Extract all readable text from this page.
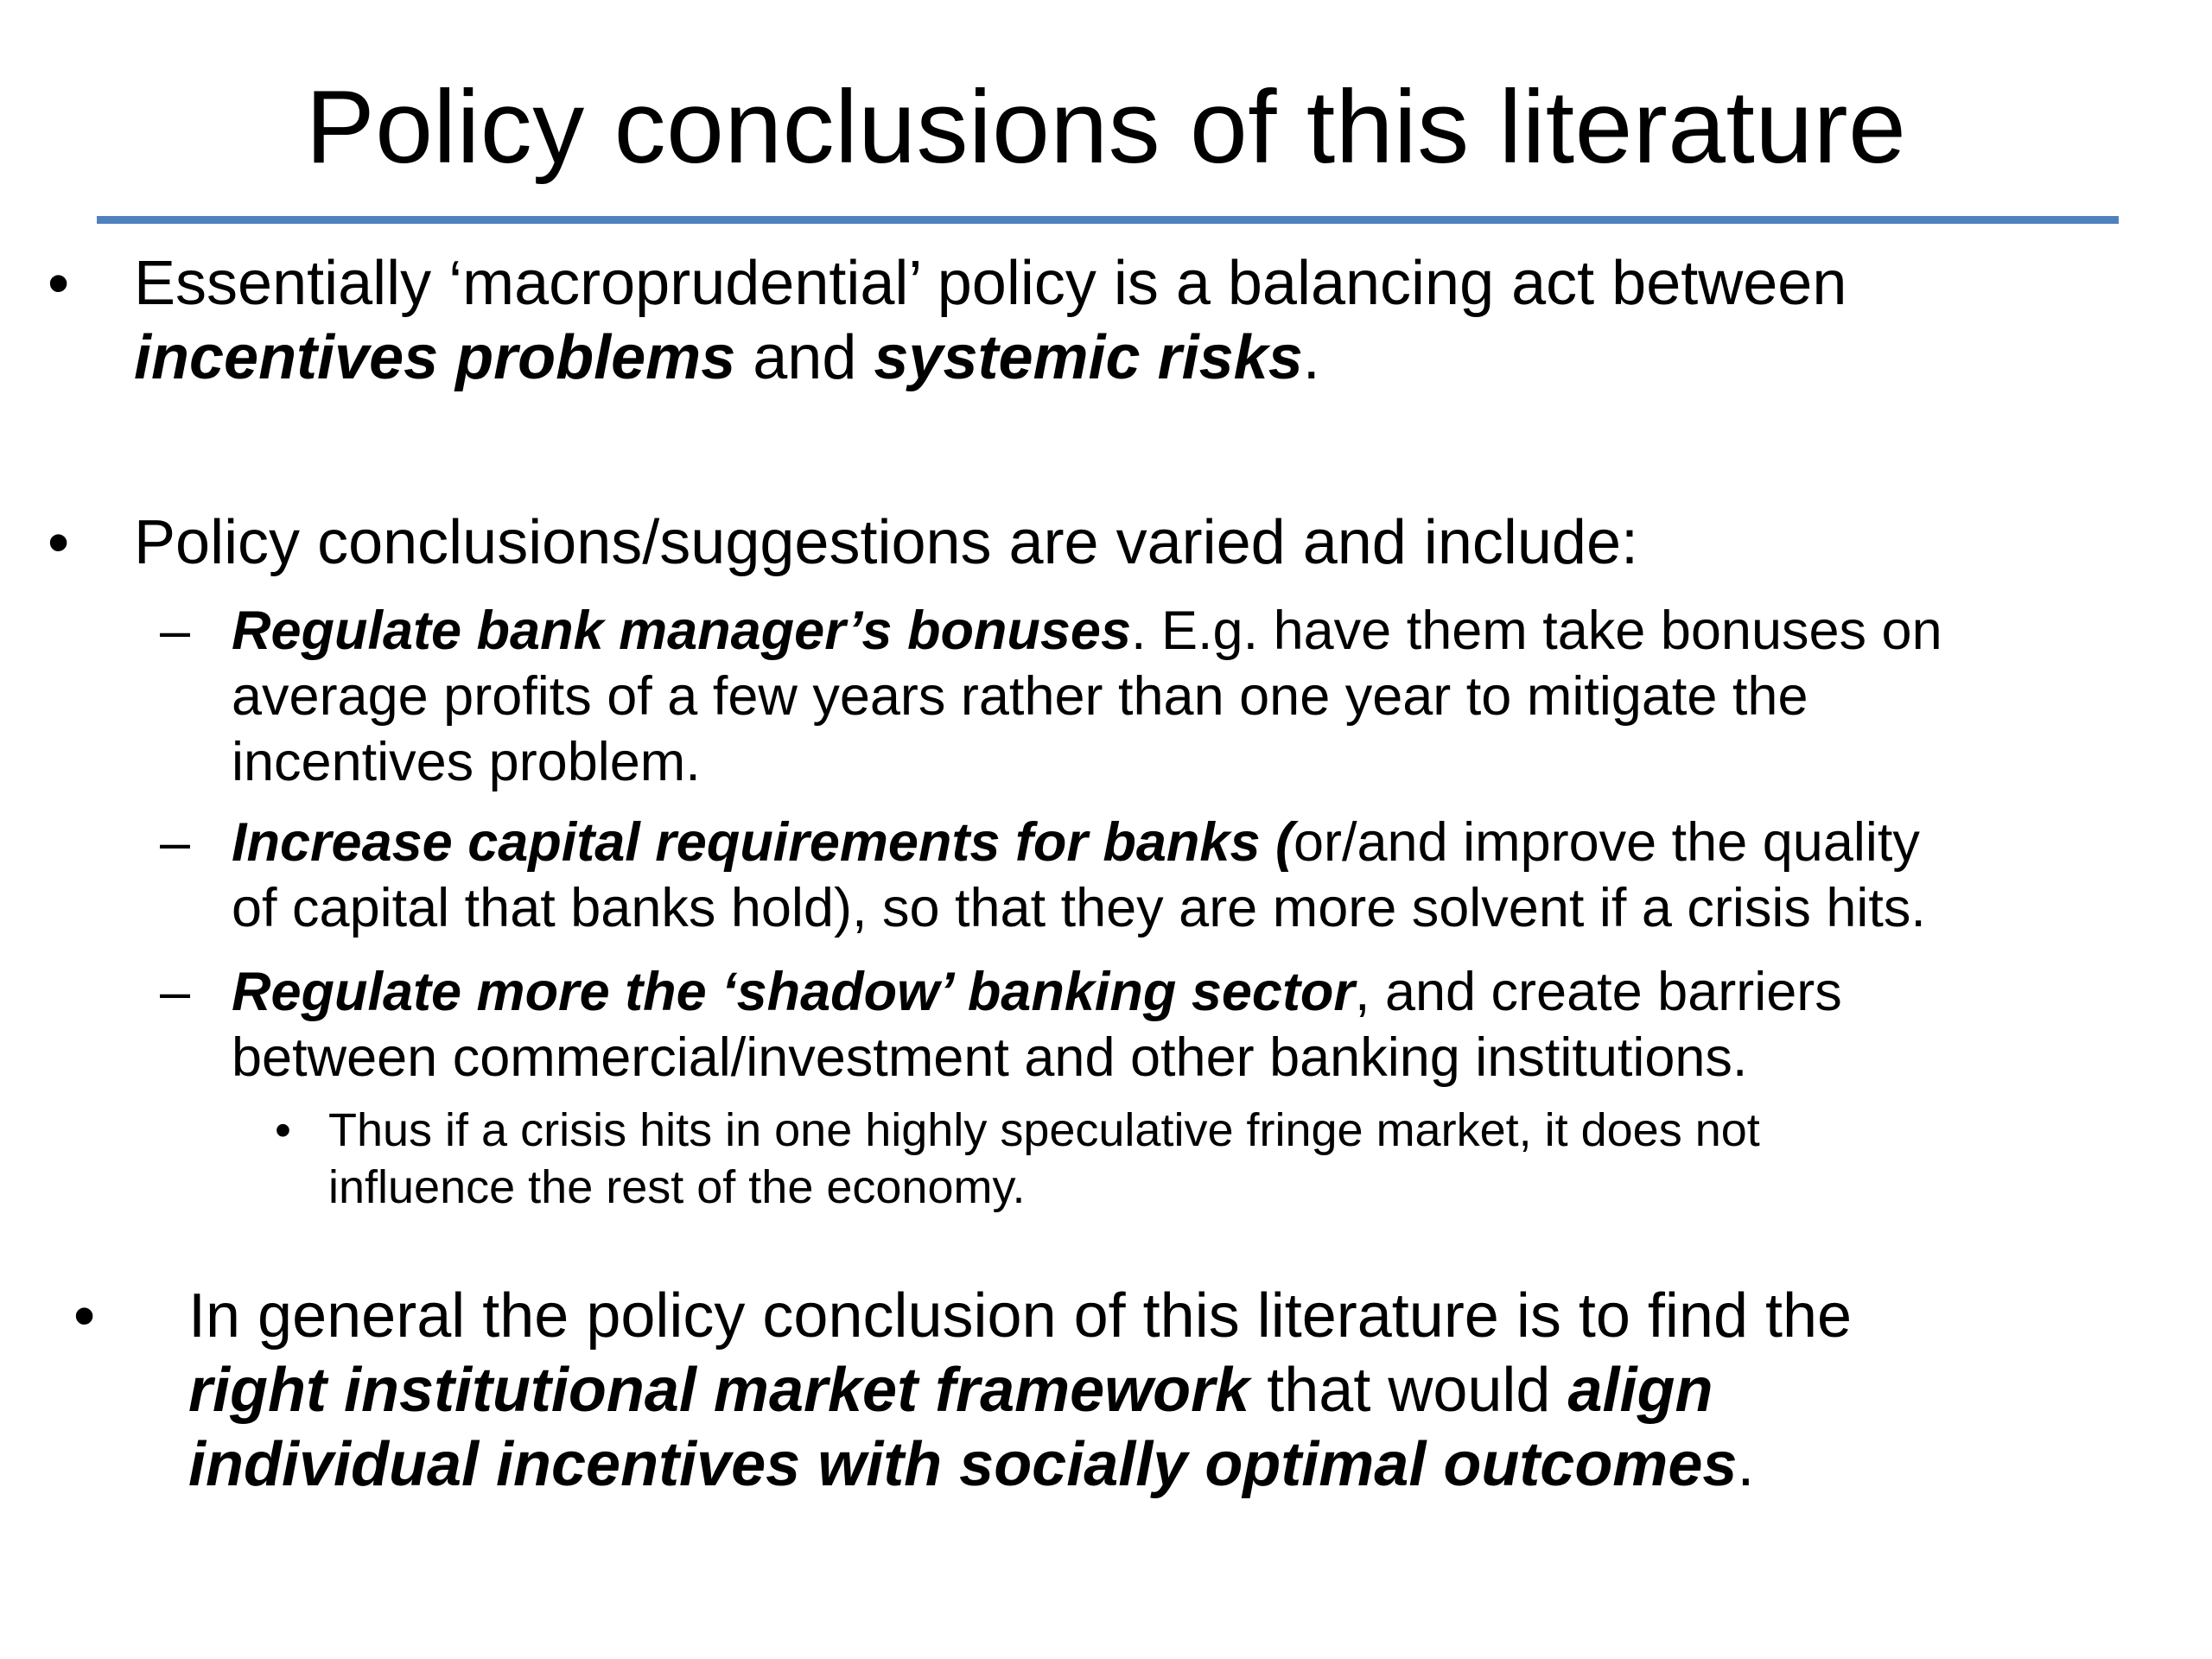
Policy conclusions of this literature
• Essentially ‘macroprudential’ policy is a balancing act between
incentives problems and systemic risks.
• Policy conclusions/suggestions are varied and include:
– Regulate bank manager’s bonuses. E.g. have them take bonuses on
average profits of a few years rather than one year to mitigate the
incentives problem.
– Increase capital requirements for banks (or/and improve the quality
of capital that banks hold), so that they are more solvent if a crisis hits.
– Regulate more the ‘shadow’ banking sector, and create barriers
between commercial/investment and other banking institutions.
• Thus if a crisis hits in one highly speculative fringe market, it does not
influence the rest of the economy.
• In general the policy conclusion of this literature is to find the
right institutional market framework that would align
individual incentives with socially optimal outcomes.
